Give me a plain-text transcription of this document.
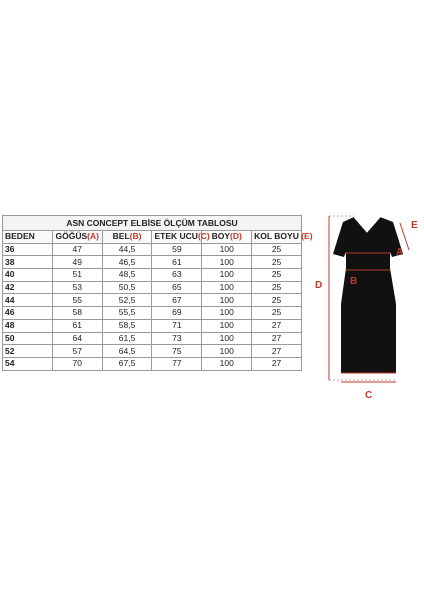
ASN CONCEPT ELBİSE ÖLÇÜM TABLOSU					
BEDEN	GÖĞÜS(A)	BEL(B)	ETEK UCU(C)	BOY(D)	KOL BOYU (E)
36	47	44,5	59	100	25
38	49	46,5	61	100	25
40	51	48,5	63	100	25
42	53	50,5	65	100	25
44	55	52,5	67	100	25
46	58	55,5	69	100	25
48	61	58,5	71	100	27
50	64	61,5	73	100	27
52	57	64,5	75	100	27
54	70	67,5	77	100	27
A
B
C
D
E
